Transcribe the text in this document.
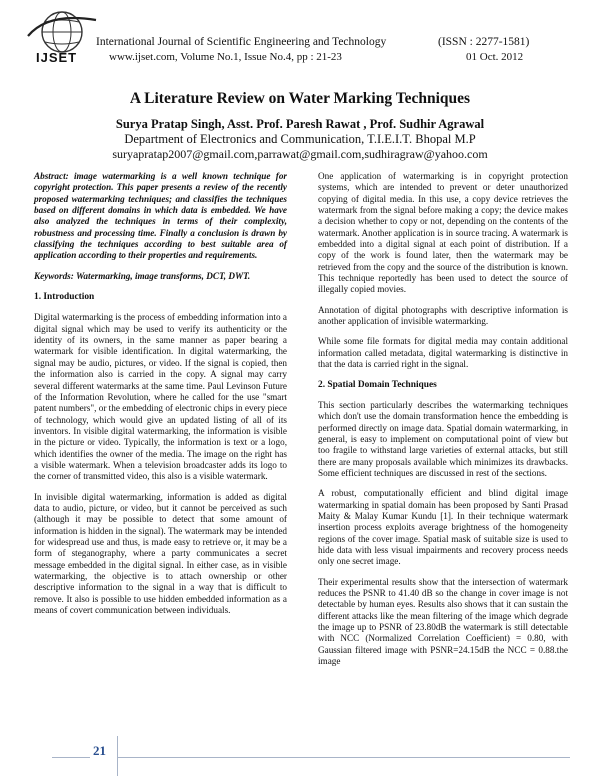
IJSET
International Journal of Scientific Engineering and Technology	(ISSN : 2277-1581)
www.ijset.com, Volume No.1, Issue No.4, pp : 21-23	01 Oct. 2012
A Literature Review on Water Marking Techniques
Surya Pratap Singh, Asst. Prof. Paresh Rawat , Prof. Sudhir Agrawal
Department of Electronics and Communication, T.I.E.I.T. Bhopal M.P
suryapratap2007@gmail.com,parrawat@gmail.com,sudhiragraw@yahoo.com

Abstract: image watermarking is a well known technique for copyright protection. This paper presents a review of the recently proposed watermarking techniques; and classifies the techniques based on different domains in which data is embedded. We have also analyzed the techniques in terms of their complexity, robustness and processing time. Finally a conclusion is drawn by classifying the techniques according to best suitable area of application according to their properties and requirements.

Keywords: Watermarking, image transforms, DCT, DWT.

1. Introduction

Digital watermarking is the process of embedding information into a digital signal which may be used to verify its authenticity or the identity of its owners, in the same manner as paper bearing a watermark for visible identification. In digital watermarking, the signal may be audio, pictures, or video. If the signal is copied, then the information also is carried in the copy. A signal may carry several different watermarks at the same time. Paul Levinson Future of the Information Revolution, where he called for the use "smart patent numbers", or the embedding of electronic chips in every piece of technology, which would give an updated listing of all of its inventors. In visible digital watermarking, the information is visible in the picture or video. Typically, the information is text or a logo, which identifies the owner of the media. The image on the right has a visible watermark. When a television broadcaster adds its logo to the corner of transmitted video, this also is a visible watermark.

In invisible digital watermarking, information is added as digital data to audio, picture, or video, but it cannot be perceived as such (although it may be possible to detect that some amount of information is hidden in the signal). The watermark may be intended for widespread use and thus, is made easy to retrieve or, it may be a form of steganography, where a party communicates a secret message embedded in the digital signal. In either case, as in visible watermarking, the objective is to attach ownership or other descriptive information to the signal in a way that is difficult to remove. It also is possible to use hidden embedded information as a means of covert communication between individuals.

One application of watermarking is in copyright protection systems, which are intended to prevent or deter unauthorized copying of digital media. In this use, a copy device retrieves the watermark from the signal before making a copy; the device makes a decision whether to copy or not, depending on the contents of the watermark. Another application is in source tracing. A watermark is embedded into a digital signal at each point of distribution. If a copy of the work is found later, then the watermark may be retrieved from the copy and the source of the distribution is known. This technique reportedly has been used to detect the source of illegally copied movies.

Annotation of digital photographs with descriptive information is another application of invisible watermarking.

While some file formats for digital media may contain additional information called metadata, digital watermarking is distinctive in that the data is carried right in the signal.

2. Spatial Domain Techniques

This section particularly describes the watermarking techniques which don't use the domain transformation hence the embedding is performed directly on image data. Spatial domain watermarking, in general, is easy to implement on computational point of view but too fragile to withstand large varieties of external attacks, but still there are many proposals available which minimizes its drawbacks. Some efficient techniques are discussed in rest of the sections.

A robust, computationally efficient and blind digital image watermarking in spatial domain has been proposed by Santi Prasad Maity & Malay Kumar Kundu [1]. In their technique watermark insertion process exploits average brightness of the homogeneity regions of the cover image. Spatial mask of suitable size is used to hide data with less visual impairments and recovery process needs only one secret image.

Their experimental results show that the intersection of watermark reduces the PSNR to 41.40 dB so the change in cover image is not detectable by human eyes. Results also shows that it can sustain the different attacks like the mean filtering of the image which degrade the image up to PSNR of 23.80dB the watermark is still detectable with NCC (Normalized Correlation Coefficient) = 0.80, with Gaussian filtered image with PSNR=24.15dB the NCC = 0.88.the image

21
